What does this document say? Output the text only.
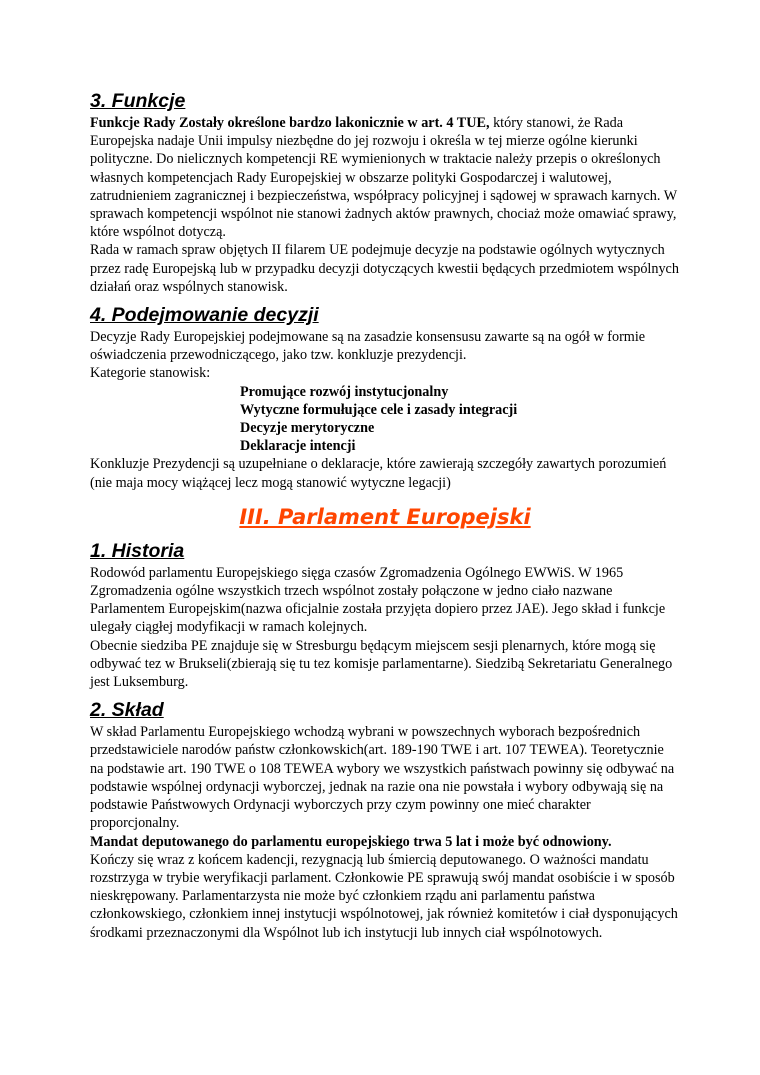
3. Funkcje

Funkcje Rady Zostały określone bardzo lakonicznie w art. 4 TUE, który stanowi, że Rada Europejska nadaje Unii impulsy niezbędne do jej rozwoju i określa w tej mierze ogólne kierunki polityczne. Do nielicznych kompetencji RE wymienionych w traktacie należy przepis o określonych własnych kompetencjach Rady Europejskiej w obszarze polityki Gospodarczej i walutowej, zatrudnieniem zagranicznej i bezpieczeństwa, współpracy policyjnej i sądowej w sprawach karnych. W sprawach kompetencji wspólnot nie stanowi żadnych aktów prawnych, chociaż może omawiać sprawy, które wspólnot dotyczą.

Rada w ramach spraw objętych II filarem UE podejmuje decyzje na podstawie ogólnych wytycznych przez radę Europejską lub w przypadku decyzji dotyczących kwestii będących przedmiotem wspólnych działań oraz wspólnych stanowisk.

4. Podejmowanie decyzji

Decyzje Rady Europejskiej podejmowane są na zasadzie konsensusu zawarte są na ogół w formie oświadczenia przewodniczącego, jako tzw. konkluzje prezydencji.

Kategorie stanowisk:

Promujące rozwój instytucjonalny
Wytyczne formułujące cele i zasady integracji
Decyzje merytoryczne
Deklaracje intencji

Konkluzje Prezydencji są uzupełniane o deklaracje, które zawierają szczegóły zawartych porozumień (nie maja mocy wiążącej lecz mogą stanowić wytyczne legacji)

III. Parlament Europejski
1. Historia

Rodowód parlamentu Europejskiego sięga czasów Zgromadzenia Ogólnego EWWiS. W 1965 Zgromadzenia ogólne wszystkich trzech wspólnot zostały połączone w jedno ciało nazwane Parlamentem Europejskim(nazwa oficjalnie została przyjęta dopiero przez JAE). Jego skład i funkcje ulegały ciągłej modyfikacji w ramach kolejnych.

Obecnie siedziba PE znajduje się w Stresburgu będącym miejscem sesji plenarnych, które mogą się odbywać tez w Brukseli(zbierają się tu tez komisje parlamentarne). Siedzibą Sekretariatu Generalnego jest Luksemburg.

2. Skład

W skład Parlamentu Europejskiego wchodzą wybrani w powszechnych wyborach bezpośrednich przedstawiciele narodów państw członkowskich(art. 189-190 TWE i art. 107 TEWEA). Teoretycznie na podstawie art. 190 TWE o 108 TEWEA wybory we wszystkich państwach powinny się odbywać na podstawie wspólnej ordynacji wyborczej, jednak na razie ona nie powstała i wybory odbywają się na podstawie Państwowych Ordynacji wyborczych przy czym powinny one mieć charakter proporcjonalny.

Mandat deputowanego do parlamentu europejskiego trwa 5 lat i może być odnowiony.

Kończy się wraz z końcem kadencji, rezygnacją lub śmiercią deputowanego. O ważności mandatu rozstrzyga w trybie weryfikacji parlament. Członkowie PE sprawują swój mandat osobiście i w sposób nieskrępowany. Parlamentarzysta nie może być członkiem rządu ani parlamentu państwa członkowskiego, członkiem innej instytucji wspólnotowej, jak również komitetów i ciał dysponujących środkami przeznaczonymi dla Wspólnot lub ich instytucji lub innych ciał wspólnotowych.
